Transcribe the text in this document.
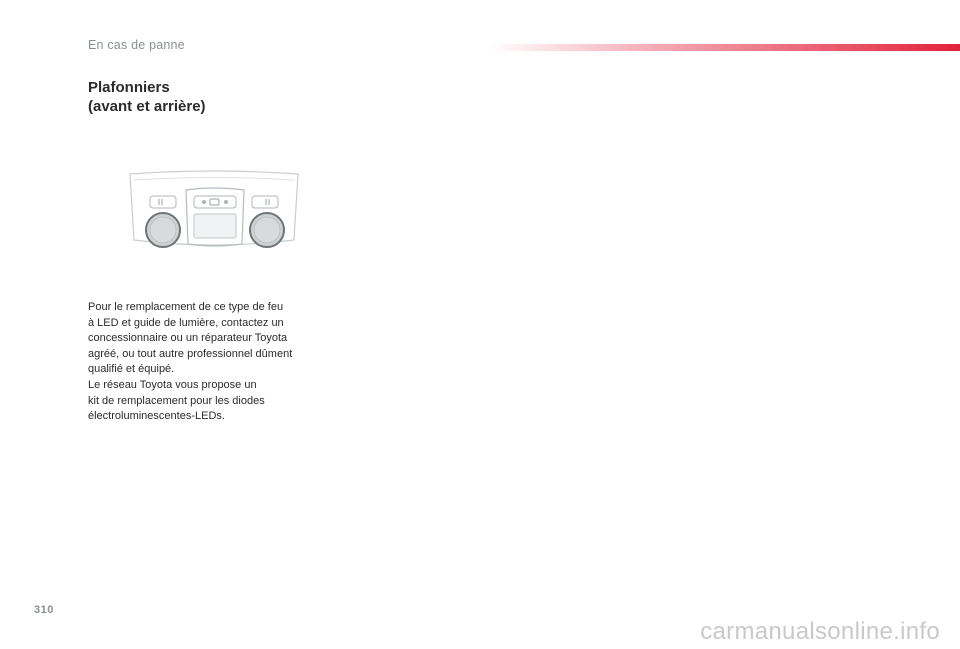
En cas de panne
Plafonniers
(avant et arrière)
Pour le remplacement de ce type de feu
à LED et guide de lumière, contactez un
concessionnaire ou un réparateur Toyota
agréé, ou tout autre professionnel dûment
qualifié et équipé.
Le réseau Toyota vous propose un
kit de remplacement pour les diodes
électroluminescentes-LEDs.
310
carmanualsonline.info
